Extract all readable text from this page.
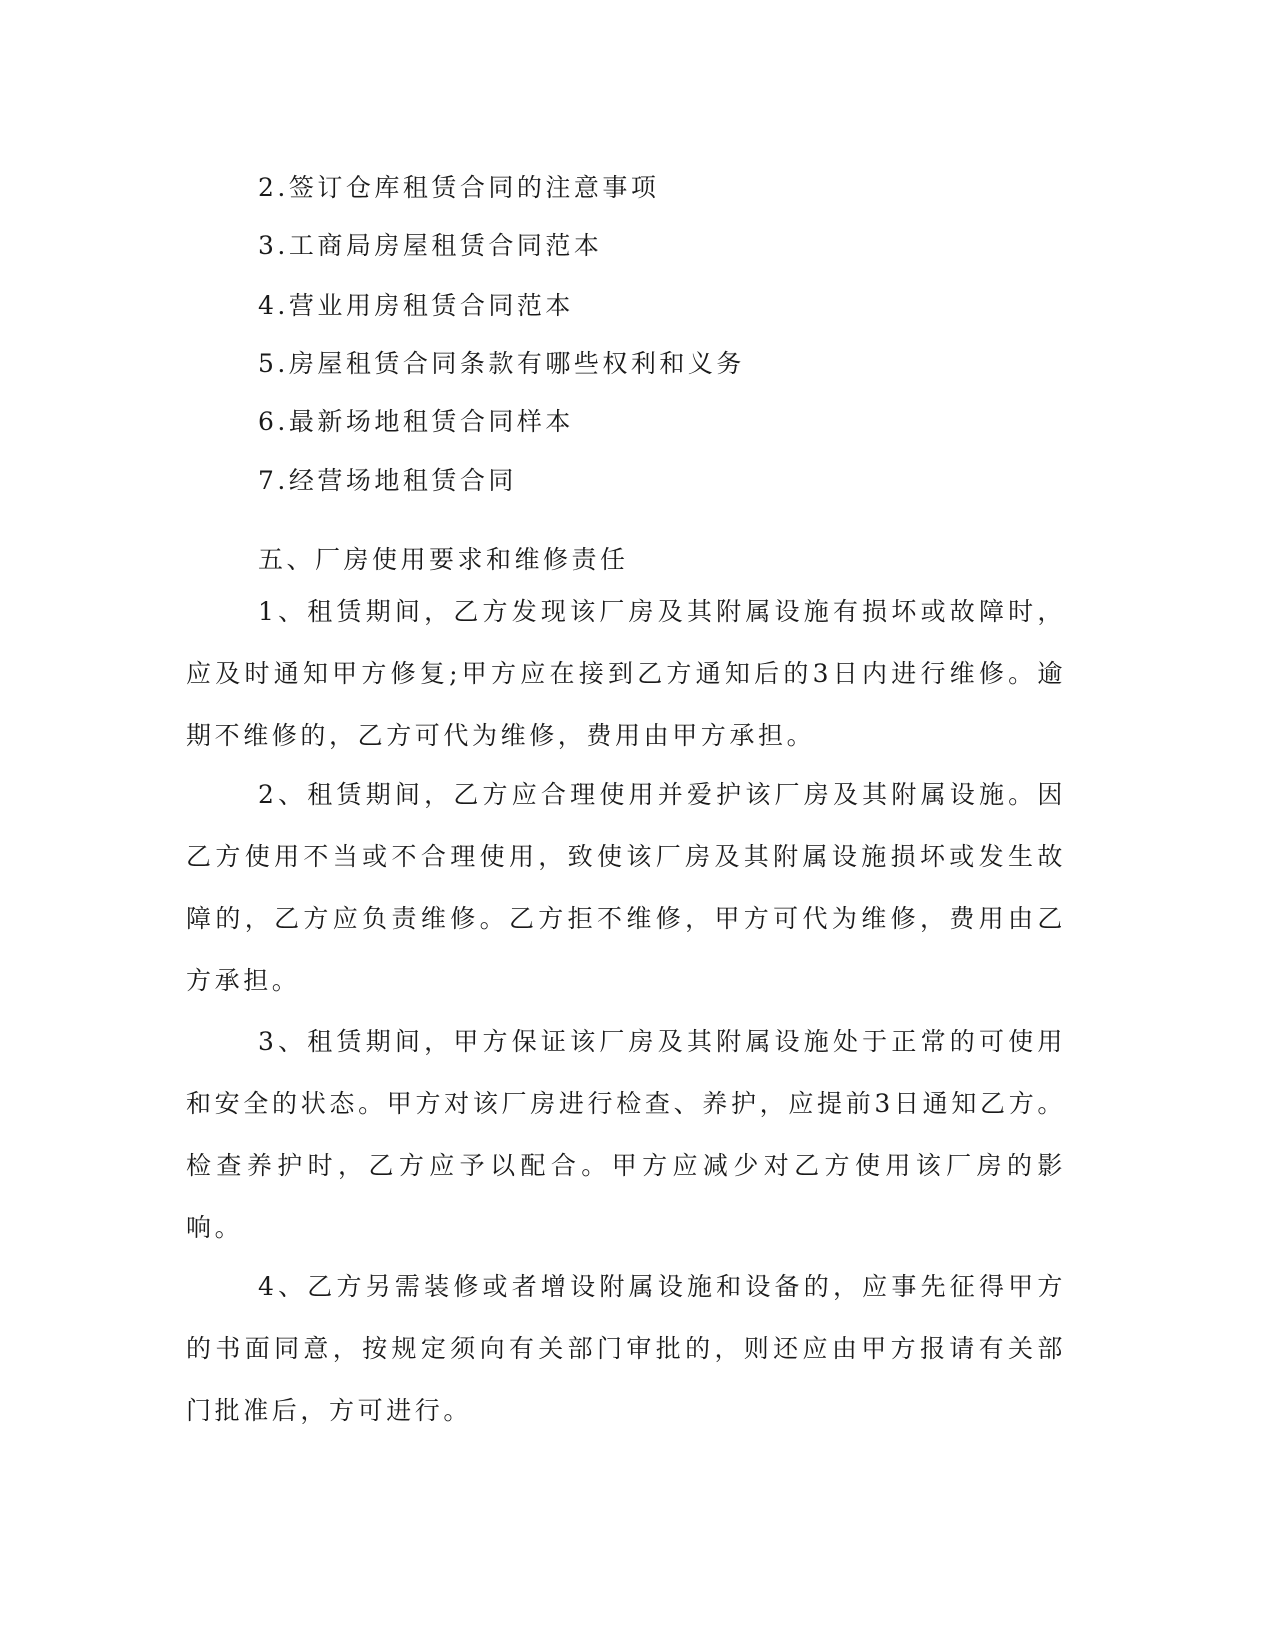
2.签订仓库租赁合同的注意事项
3.工商局房屋租赁合同范本
4.营业用房租赁合同范本
5.房屋租赁合同条款有哪些权利和义务
6.最新场地租赁合同样本
7.经营场地租赁合同
五、厂房使用要求和维修责任

1、租赁期间，乙方发现该厂房及其附属设施有损坏或故障时，应及时通知甲方修复;甲方应在接到乙方通知后的3日内进行维修。逾期不维修的，乙方可代为维修，费用由甲方承担。

2、租赁期间，乙方应合理使用并爱护该厂房及其附属设施。因乙方使用不当或不合理使用，致使该厂房及其附属设施损坏或发生故障的，乙方应负责维修。乙方拒不维修，甲方可代为维修，费用由乙方承担。

3、租赁期间，甲方保证该厂房及其附属设施处于正常的可使用和安全的状态。甲方对该厂房进行检查、养护，应提前3日通知乙方。检查养护时，乙方应予以配合。甲方应减少对乙方使用该厂房的影响。

4、乙方另需装修或者增设附属设施和设备的，应事先征得甲方的书面同意，按规定须向有关部门审批的，则还应由甲方报请有关部门批准后，方可进行。
